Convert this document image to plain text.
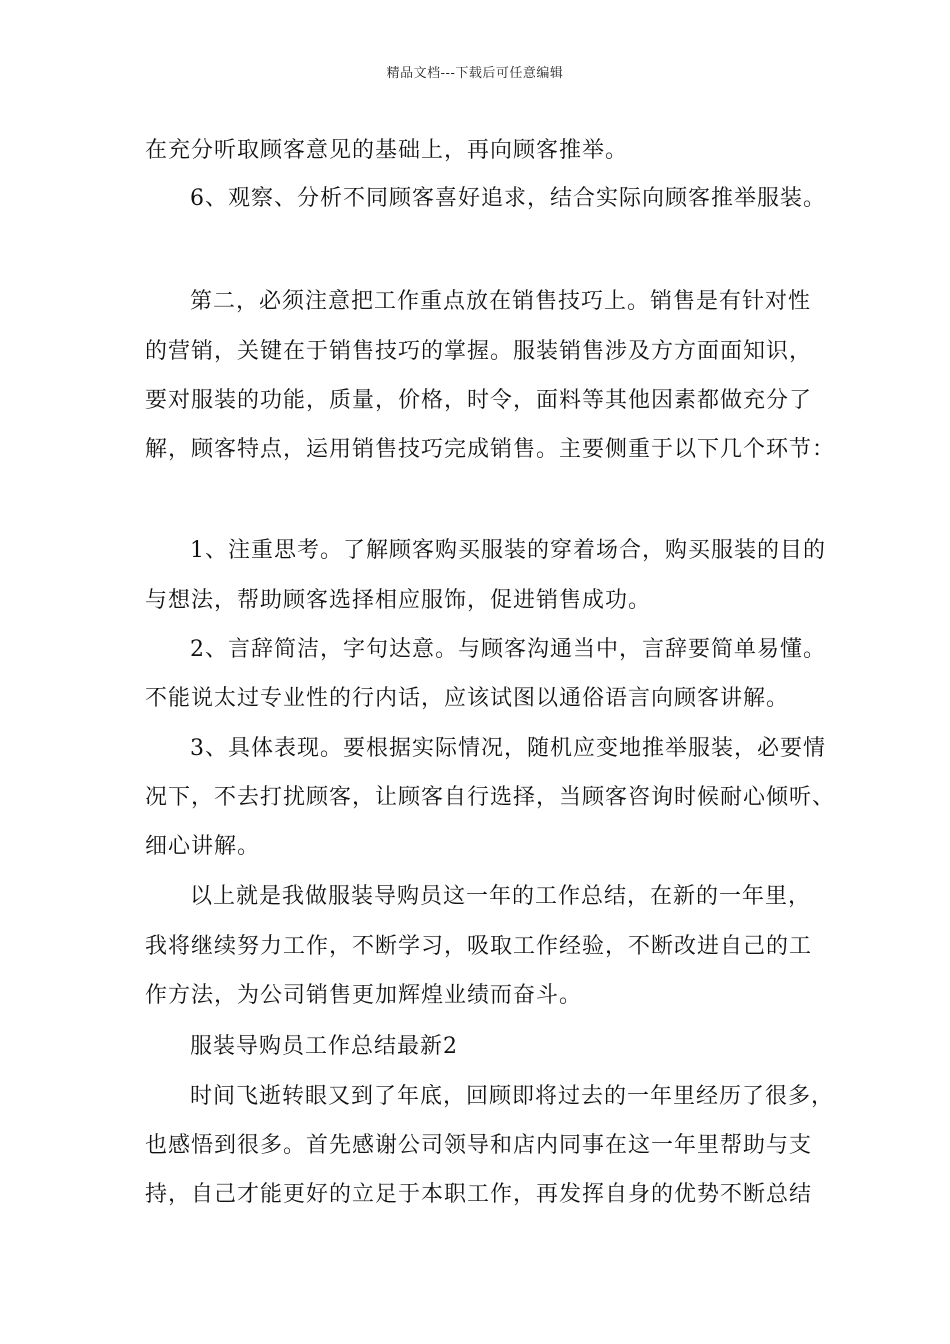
精品文档---下载后可任意编辑
在充分听取顾客意见的基础上，再向顾客推举。
6、观察、分析不同顾客喜好追求，结合实际向顾客推举服装。
第二，必须注意把工作重点放在销售技巧上。销售是有针对性
的营销，关键在于销售技巧的掌握。服装销售涉及方方面面知识，
要对服装的功能，质量，价格，时令，面料等其他因素都做充分了
解，顾客特点，运用销售技巧完成销售。主要侧重于以下几个环节：
1、注重思考。了解顾客购买服装的穿着场合，购买服装的目的
与想法，帮助顾客选择相应服饰，促进销售成功。
2、言辞简洁，字句达意。与顾客沟通当中，言辞要简单易懂。
不能说太过专业性的行内话，应该试图以通俗语言向顾客讲解。
3、具体表现。要根据实际情况，随机应变地推举服装，必要情
况下，不去打扰顾客，让顾客自行选择，当顾客咨询时候耐心倾听、
细心讲解。
以上就是我做服装导购员这一年的工作总结，在新的一年里，
我将继续努力工作，不断学习，吸取工作经验，不断改进自己的工
作方法，为公司销售更加辉煌业绩而奋斗。
服装导购员工作总结最新2
时间飞逝转眼又到了年底，回顾即将过去的一年里经历了很多，
也感悟到很多。首先感谢公司领导和店内同事在这一年里帮助与支
持，自己才能更好的立足于本职工作，再发挥自身的优势不断总结
